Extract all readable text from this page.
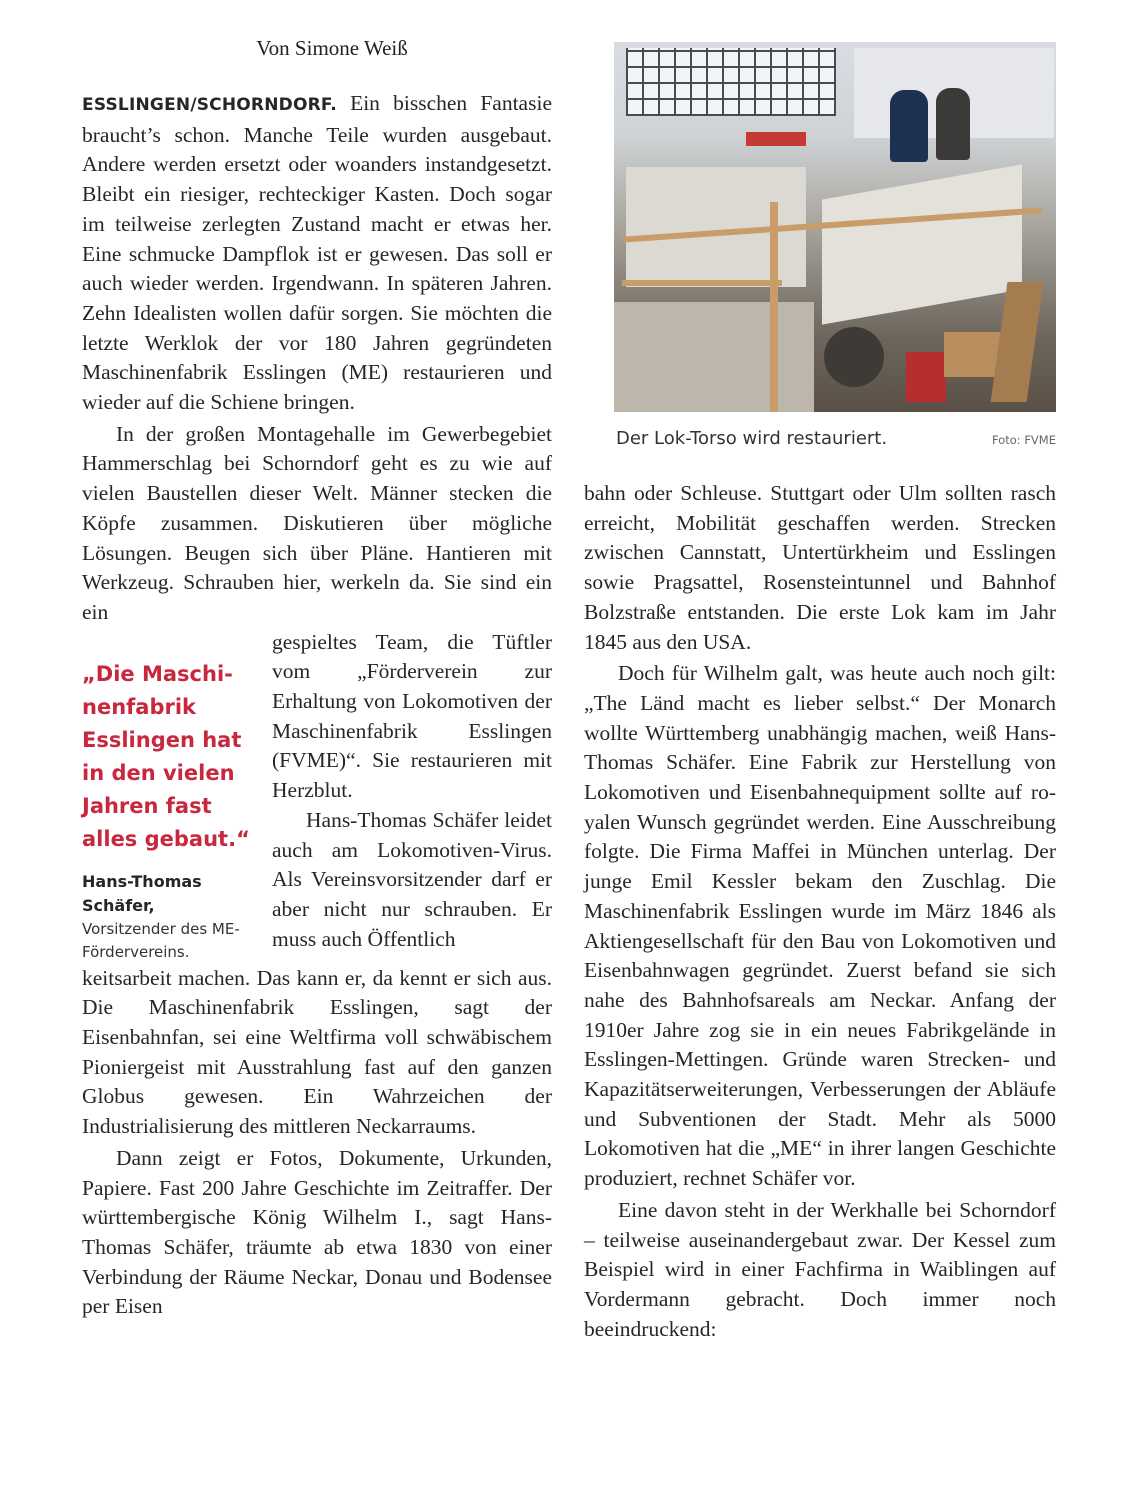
Von Simone Weiß

ESSLINGEN/SCHORNDORF. Ein bisschen Fantasie braucht’s schon. Manche Teile wurden ausgebaut. Andere werden ersetzt oder woanders instandgesetzt. Bleibt ein riesiger, rechteckiger Kasten. Doch sogar im teilweise zerlegten Zustand macht er etwas her. Eine schmucke Dampflok ist er gewesen. Das soll er auch wieder werden. Irgendwann. In späteren Jahren. Zehn Idealisten wollen dafür sorgen. Sie möchten die letzte Werklok der vor 180 Jahren gegründeten Maschinenfabrik Esslingen (ME) restaurieren und wieder auf die Schiene bringen.

In der großen Montagehalle im Gewerbegebiet Hammerschlag bei Schorndorf geht es zu wie auf vielen Baustellen dieser Welt. Männer stecken die Köpfe zusammen. Diskutieren über mögliche Lösungen. Beugen sich über Pläne. Hantieren mit Werkzeug. Schrauben hier, werkeln da. Sie sind ein ein

„Die Maschinenfabrik Esslingen hat in den vielen Jahren fast alles gebaut.“

Hans-Thomas Schäfer,

Vorsitzender des ME-Fördervereins.

gespieltes Team, die Tüftler vom „Förderverein zur Erhaltung von Lokomotiven der Maschinenfabrik Esslingen (FVME)“. Sie restaurieren mit Herzblut.

Hans-Thomas Schäfer leidet auch am Lokomotiven-Virus. Als Vereinsvorsitzender darf er aber nicht nur schrauben. Er muss auch Öffentlich

keitsarbeit machen. Das kann er, da kennt er sich aus. Die Maschinenfabrik Esslingen, sagt der Eisenbahnfan, sei eine Weltfirma voll schwäbischem Pioniergeist mit Ausstrahlung fast auf den ganzen Globus gewesen. Ein Wahrzeichen der Industrialisierung des mittleren Neckarraums.

Dann zeigt er Fotos, Dokumente, Urkunden, Papiere. Fast 200 Jahre Geschichte im Zeitraffer. Der württembergische König Wilhelm I., sagt Hans-Thomas Schäfer, träumte ab etwa 1830 von einer Verbindung der Räume Neckar, Donau und Bodensee per Eisen

Der Lok-Torso wird restauriert.	Foto: FVME

bahn oder Schleuse. Stuttgart oder Ulm sollten rasch erreicht, Mobilität geschaffen werden. Strecken zwischen Cannstatt, Untertürkheim und Esslingen sowie Pragsattel, Rosensteintunnel und Bahnhof Bolzstraße entstanden. Die erste Lok kam im Jahr 1845 aus den USA.

Doch für Wilhelm galt, was heute auch noch gilt: „The Länd macht es lieber selbst.“ Der Monarch wollte Württemberg unabhängig machen, weiß Hans-Thomas Schäfer. Eine Fabrik zur Herstellung von Lokomotiven und Eisenbahnequipment sollte auf royalen Wunsch gegründet werden. Eine Ausschreibung folgte. Die Firma Maffei in München unterlag. Der junge Emil Kessler bekam den Zuschlag. Die Maschinenfabrik Esslingen wurde im März 1846 als Aktiengesellschaft für den Bau von Lokomotiven und Eisenbahnwagen gegründet. Zuerst befand sie sich nahe des Bahnhofsareals am Neckar. Anfang der 1910er Jahre zog sie in ein neues Fabrikgelände in Esslingen-Mettingen. Gründe waren Strecken- und Kapazitätserweiterungen, Verbesserungen der Abläufe und Subventionen der Stadt. Mehr als 5000 Lokomotiven hat die „ME“ in ihrer langen Geschichte produziert, rechnet Schäfer vor.

Eine davon steht in der Werkhalle bei Schorndorf – teilweise auseinandergebaut zwar. Der Kessel zum Beispiel wird in einer Fachfirma in Waiblingen auf Vordermann gebracht. Doch immer noch beeindruckend:
